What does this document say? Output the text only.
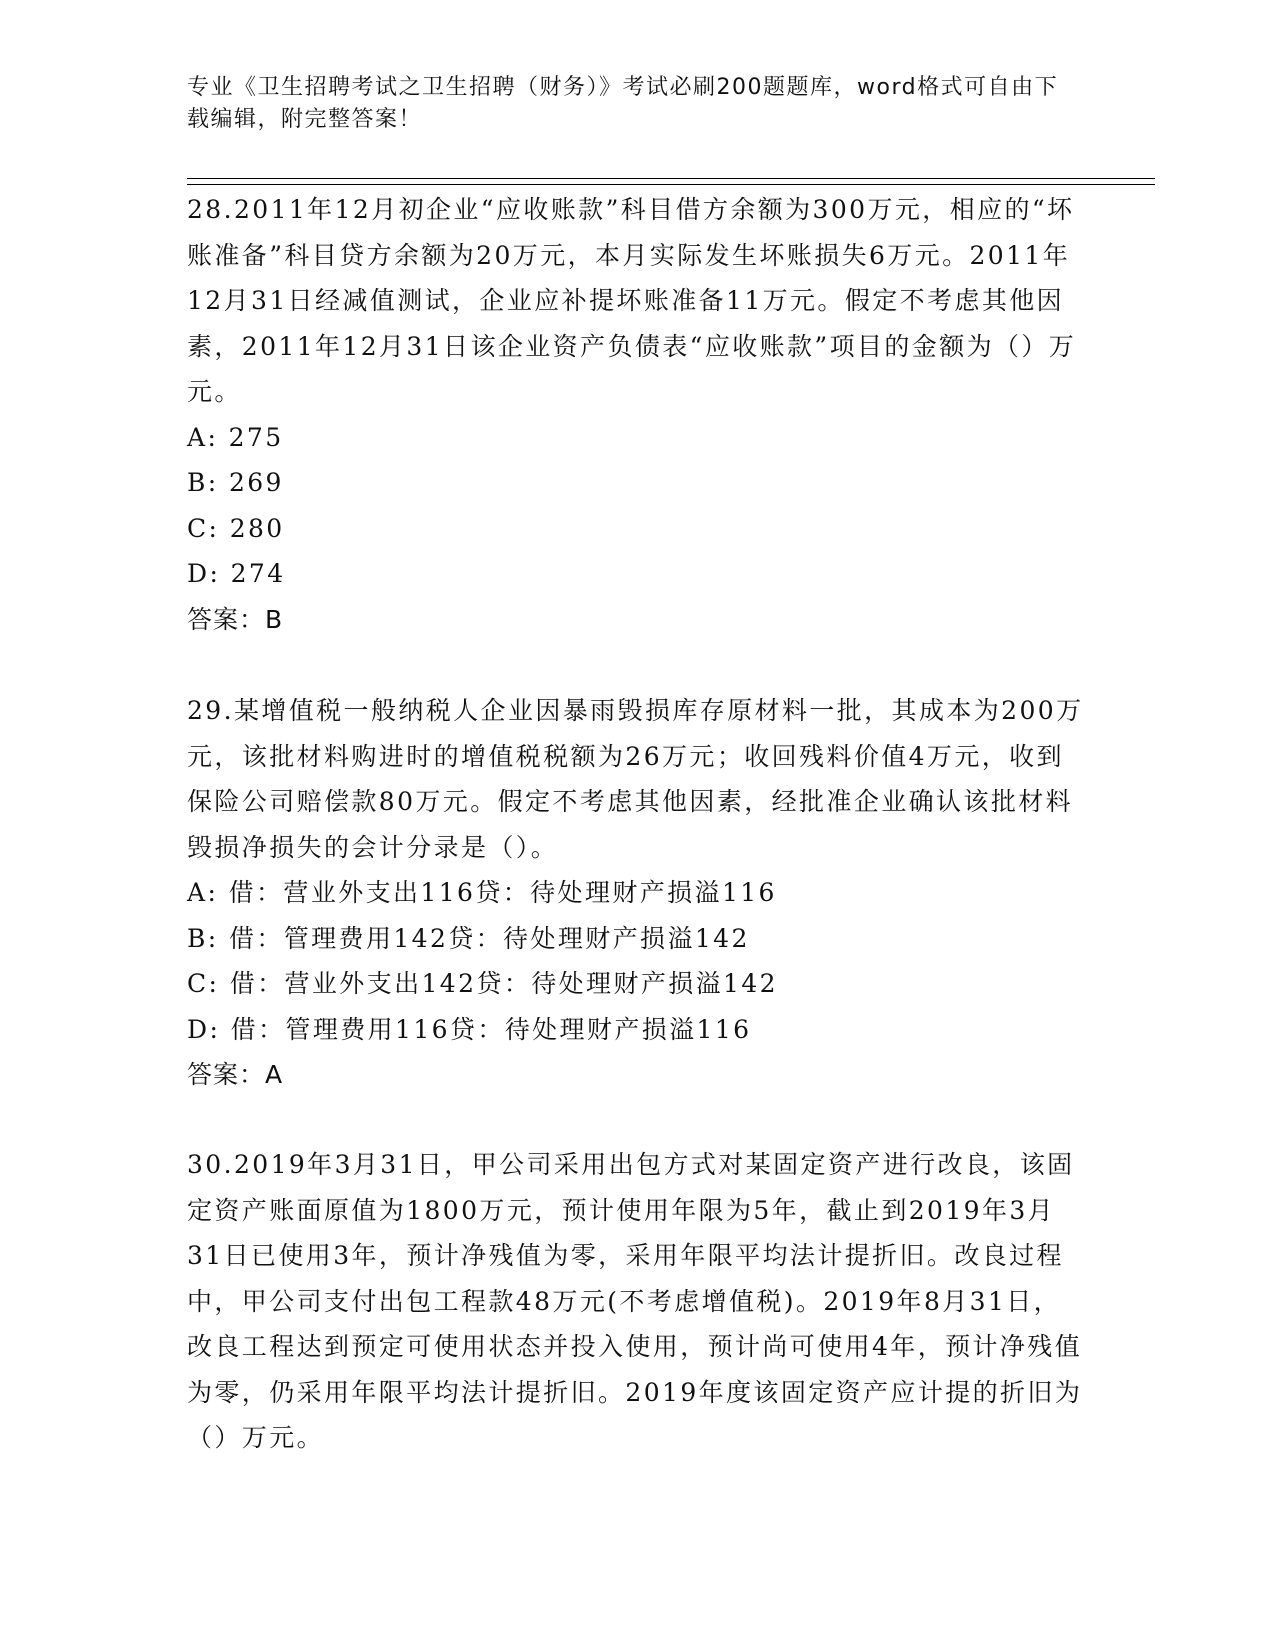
专业《卫生招聘考试之卫生招聘（财务）》考试必刷200题题库，word格式可自由下载编辑，附完整答案！

28.2011年12月初企业“应收账款”科目借方余额为300万元，相应的“坏账准备”科目贷方余额为20万元，本月实际发生坏账损失6万元。2011年12月31日经减值测试，企业应补提坏账准备11万元。假定不考虑其他因素，2011年12月31日该企业资产负债表“应收账款”项目的金额为（）万元。

A: 275

B: 269

C: 280

D: 274

答案：B

29.某增值税一般纳税人企业因暴雨毁损库存原材料一批，其成本为200万元，该批材料购进时的增值税税额为26万元；收回残料价值4万元，收到保险公司赔偿款80万元。假定不考虑其他因素，经批准企业确认该批材料毁损净损失的会计分录是（）。

A: 借：营业外支出116贷：待处理财产损溢116

B: 借：管理费用142贷：待处理财产损溢142

C: 借：营业外支出142贷：待处理财产损溢142

D: 借：管理费用116贷：待处理财产损溢116

答案：A

30.2019年3月31日，甲公司采用出包方式对某固定资产进行改良，该固定资产账面原值为1800万元，预计使用年限为5年，截止到2019年3月31日已使用3年，预计净残值为零，采用年限平均法计提折旧。改良过程中，甲公司支付出包工程款48万元(不考虑增值税)。2019年8月31日，改良工程达到预定可使用状态并投入使用，预计尚可使用4年，预计净残值为零，仍采用年限平均法计提折旧。2019年度该固定资产应计提的折旧为（）万元。
